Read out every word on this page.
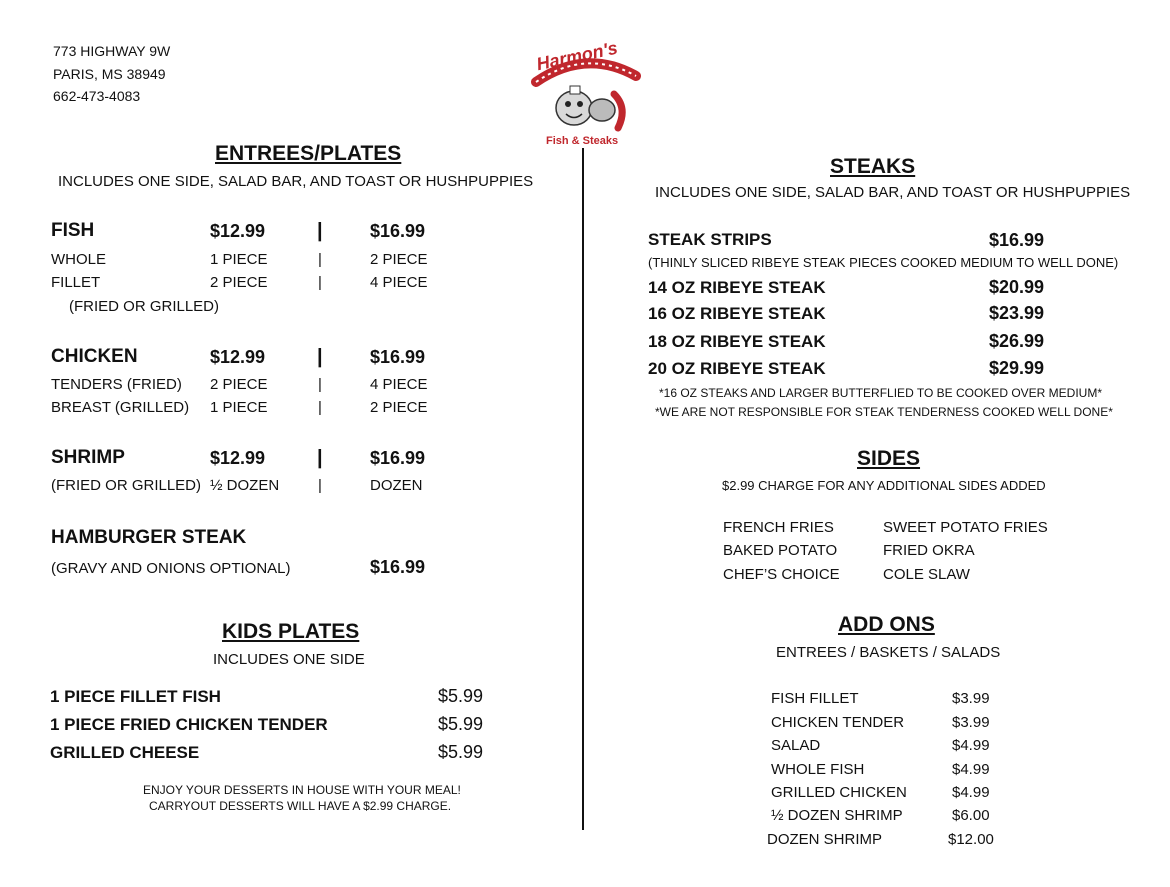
773 HIGHWAY 9W
PARIS, MS 38949
662-473-4083
Harmon's
Fish & Steaks
ENTREES/PLATES
INCLUDES ONE SIDE, SALAD BAR, AND TOAST OR HUSHPUPPIES
FISH	$12.99	|	$16.99
WHOLE	1 PIECE	|	2 PIECE
FILLET	2 PIECE	|	4 PIECE
(FRIED OR GRILLED)
CHICKEN	$12.99	|	$16.99
TENDERS (FRIED) 2 PIECE	|	4 PIECE
BREAST (GRILLED) 1 PIECE	|	2 PIECE
SHRIMP	$12.99	|	$16.99
(FRIED OR GRILLED) ½ DOZEN	|	DOZEN
HAMBURGER STEAK
(GRAVY AND ONIONS OPTIONAL)	$16.99
KIDS PLATES
INCLUDES ONE SIDE
1 PIECE FILLET FISH	$5.99
1 PIECE FRIED CHICKEN TENDER	$5.99
GRILLED CHEESE	$5.99
ENJOY YOUR DESSERTS IN HOUSE WITH YOUR MEAL!
CARRYOUT DESSERTS WILL HAVE A $2.99 CHARGE.
STEAKS
INCLUDES ONE SIDE, SALAD BAR, AND TOAST OR HUSHPUPPIES
STEAK STRIPS	$16.99
(THINLY SLICED RIBEYE STEAK PIECES COOKED MEDIUM TO WELL DONE)
14 OZ RIBEYE STEAK	$20.99
16 OZ RIBEYE STEAK	$23.99
18 OZ RIBEYE STEAK	$26.99
20 OZ RIBEYE STEAK	$29.99
*16 OZ STEAKS AND LARGER BUTTERFLIED TO BE COOKED OVER MEDIUM*
*WE ARE NOT RESPONSIBLE FOR STEAK TENDERNESS COOKED WELL DONE*
SIDES
$2.99 CHARGE FOR ANY ADDITIONAL SIDES ADDED
FRENCH FRIES
BAKED POTATO
CHEF’S CHOICE
SWEET POTATO FRIES
FRIED OKRA
COLE SLAW
ADD ONS
ENTREES / BASKETS / SALADS
FISH FILLET	$3.99
CHICKEN TENDER	$3.99
SALAD	$4.99
WHOLE FISH	$4.99
GRILLED CHICKEN	$4.99
½ DOZEN SHRIMP	$6.00
DOZEN SHRIMP	$12.00
